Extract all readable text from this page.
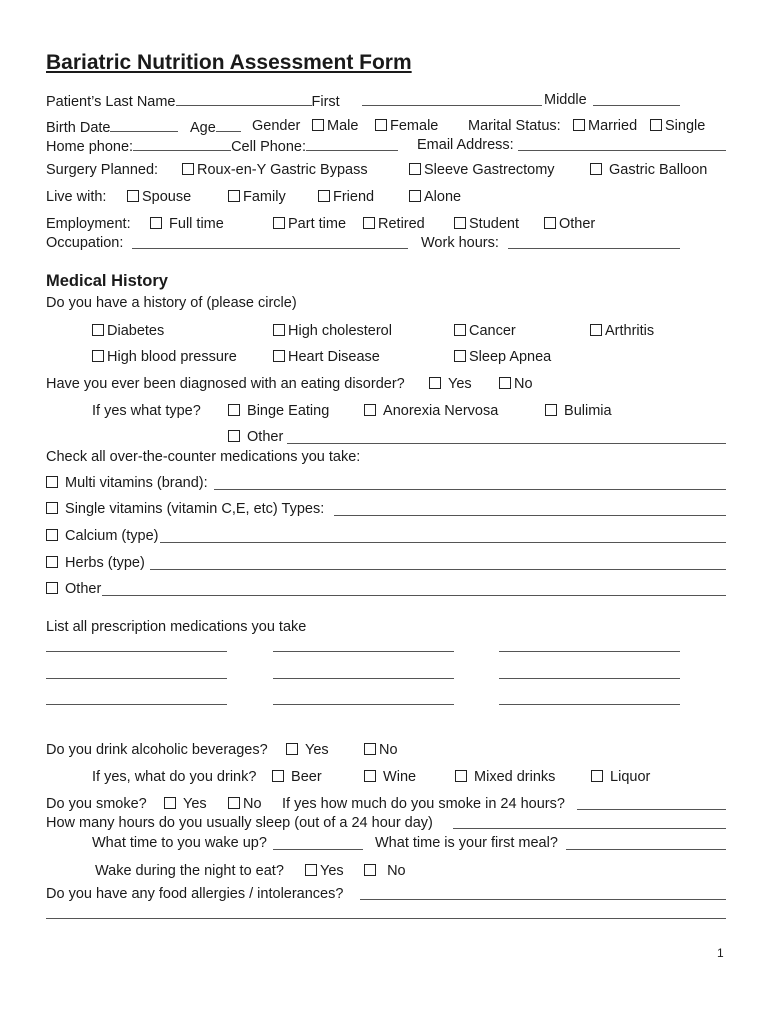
Bariatric Nutrition Assessment Form
Patient’s Last Name	First	Middle
Birth Date	Age	Gender	Male	Female Marital Status:	Married	Single
Home phone:	Cell Phone:	Email Address:
Surgery Planned:	Roux-en-Y Gastric Bypass	Sleeve Gastrectomy	Gastric Balloon
Live with:	Spouse	Family	Friend	Alone
Employment:	Full time	Part time	Retired	Student	Other
Occupation:	Work hours:
Medical History
Do you have a history of (please circle)
Diabetes	High cholesterol	Cancer	Arthritis
High blood pressure	Heart Disease	Sleep Apnea
Have you ever been diagnosed with an eating disorder?	Yes	No
If yes what type?	Binge Eating	Anorexia Nervosa	Bulimia
Other
Check all over-the-counter medications you take:
Multi vitamins (brand):
Single vitamins (vitamin C,E, etc) Types:
Calcium (type)
Herbs (type)
Other
List all prescription medications you take
Do you drink alcoholic beverages?	Yes	No
If yes, what do you drink?	Beer	Wine	Mixed drinks	Liquor
Do you smoke?	Yes	No If yes how much do you smoke in 24 hours?
How many hours do you usually sleep (out of a 24 hour day)
What time to you wake up?	What time is your first meal?
Wake during the night to eat?	Yes	No
Do you have any food allergies / intolerances?
1
